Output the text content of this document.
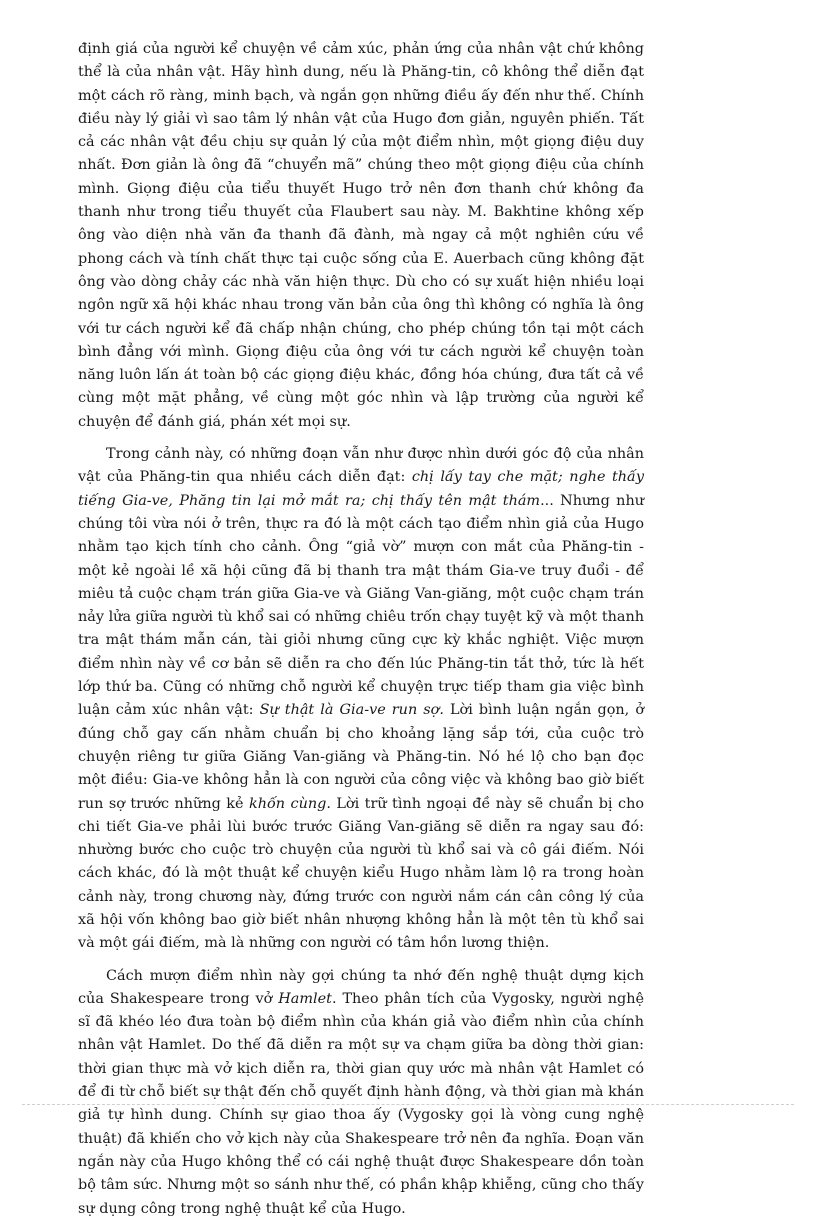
định giá của người kể chuyện về cảm xúc, phản ứng của nhân vật chứ không thể là của nhân vật. Hãy hình dung, nếu là Phăng-tin, cô không thể diễn đạt một cách rõ ràng, minh bạch, và ngắn gọn những điều ấy đến như thế. Chính điều này lý giải vì sao tâm lý nhân vật của Hugo đơn giản, nguyên phiến. Tất cả các nhân vật đều chịu sự quản lý của một điểm nhìn, một giọng điệu duy nhất. Đơn giản là ông đã “chuyển mã” chúng theo một giọng điệu của chính mình. Giọng điệu của tiểu thuyết Hugo trở nên đơn thanh chứ không đa thanh như trong tiểu thuyết của Flaubert sau này. M. Bakhtine không xếp ông vào diện nhà văn đa thanh đã đành, mà ngay cả một nghiên cứu về phong cách và tính chất thực tại cuộc sống của E. Auerbach cũng không đặt ông vào dòng chảy các nhà văn hiện thực. Dù cho có sự xuất hiện nhiều loại ngôn ngữ xã hội khác nhau trong văn bản của ông thì không có nghĩa là ông với tư cách người kể đã chấp nhận chúng, cho phép chúng tồn tại một cách bình đẳng với mình. Giọng điệu của ông với tư cách người kể chuyện toàn năng luôn lấn át toàn bộ các giọng điệu khác, đồng hóa chúng, đưa tất cả về cùng một mặt phẳng, về cùng một góc nhìn và lập trường của người kể chuyện để đánh giá, phán xét mọi sự.

Trong cảnh này, có những đoạn vẫn như được nhìn dưới góc độ của nhân vật của Phăng-tin qua nhiều cách diễn đạt: chị lấy tay che mặt; nghe thấy tiếng Gia-ve, Phăng tin lại mở mắt ra; chị thấy tên mật thám... Nhưng như chúng tôi vừa nói ở trên, thực ra đó là một cách tạo điểm nhìn giả của Hugo nhằm tạo kịch tính cho cảnh. Ông “giả vờ” mượn con mắt của Phăng-tin - một kẻ ngoài lề xã hội cũng đã bị thanh tra mật thám Gia-ve truy đuổi - để miêu tả cuộc chạm trán giữa Gia-ve và Giăng Van-giăng, một cuộc chạm trán nảy lửa giữa người tù khổ sai có những chiêu trốn chạy tuyệt kỹ và một thanh tra mật thám mẫn cán, tài giỏi nhưng cũng cực kỳ khắc nghiệt. Việc mượn điểm nhìn này về cơ bản sẽ diễn ra cho đến lúc Phăng-tin tắt thở, tức là hết lớp thứ ba. Cũng có những chỗ người kể chuyện trực tiếp tham gia việc bình luận cảm xúc nhân vật: Sự thật là Gia-ve run sợ. Lời bình luận ngắn gọn, ở đúng chỗ gay cấn nhằm chuẩn bị cho khoảng lặng sắp tới, của cuộc trò chuyện riêng tư giữa Giăng Van-giăng và Phăng-tin. Nó hé lộ cho bạn đọc một điều: Gia-ve không hẳn là con người của công việc và không bao giờ biết run sợ trước những kẻ khốn cùng. Lời trữ tình ngoại đề này sẽ chuẩn bị cho chi tiết Gia-ve phải lùi bước trước Giăng Van-giăng sẽ diễn ra ngay sau đó: nhường bước cho cuộc trò chuyện của người tù khổ sai và cô gái điếm. Nói cách khác, đó là một thuật kể chuyện kiểu Hugo nhằm làm lộ ra trong hoàn cảnh này, trong chương này, đứng trước con người nắm cán cân công lý của xã hội vốn không bao giờ biết nhân nhượng không hẳn là một tên tù khổ sai và một gái điếm, mà là những con người có tâm hồn lương thiện.

Cách mượn điểm nhìn này gợi chúng ta nhớ đến nghệ thuật dựng kịch của Shakespeare trong vở Hamlet. Theo phân tích của Vygosky, người nghệ sĩ đã khéo léo đưa toàn bộ điểm nhìn của khán giả vào điểm nhìn của chính nhân vật Hamlet. Do thế đã diễn ra một sự va chạm giữa ba dòng thời gian: thời gian thực mà vở kịch diễn ra, thời gian quy ước mà nhân vật Hamlet có để đi từ chỗ biết sự thật đến chỗ quyết định hành động, và thời gian mà khán giả tự hình dung. Chính sự giao thoa ấy (Vygosky gọi là vòng cung nghệ thuật) đã khiến cho vở kịch này của Shakespeare trở nên đa nghĩa. Đoạn văn ngắn này của Hugo không thể có cái nghệ thuật được Shakespeare dồn toàn bộ tâm sức. Nhưng một so sánh như thế, có phần khập khiễng, cũng cho thấy sự dụng công trong nghệ thuật kể của Hugo.
